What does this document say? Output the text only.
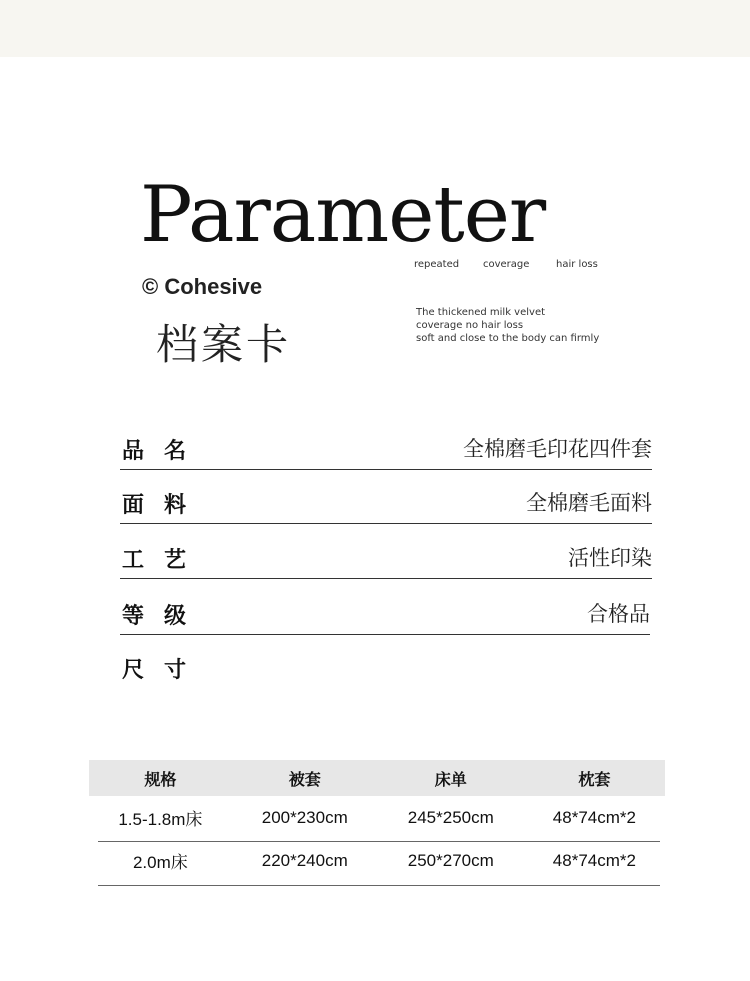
Parameter
repeated coverage	hair loss
© Cohesive
档案卡
The thickened milk velvet
coverage no hair loss
soft and close to the body can firmly
品名	全棉磨毛印花四件套
面料	全棉磨毛面料
工艺	活性印染
等级	合格品
尺寸
规格	被套	床单	枕套
1.5-1.8m床	200*230cm	245*250cm	48*74cm*2
2.0m床	220*240cm	250*270cm	48*74cm*2
